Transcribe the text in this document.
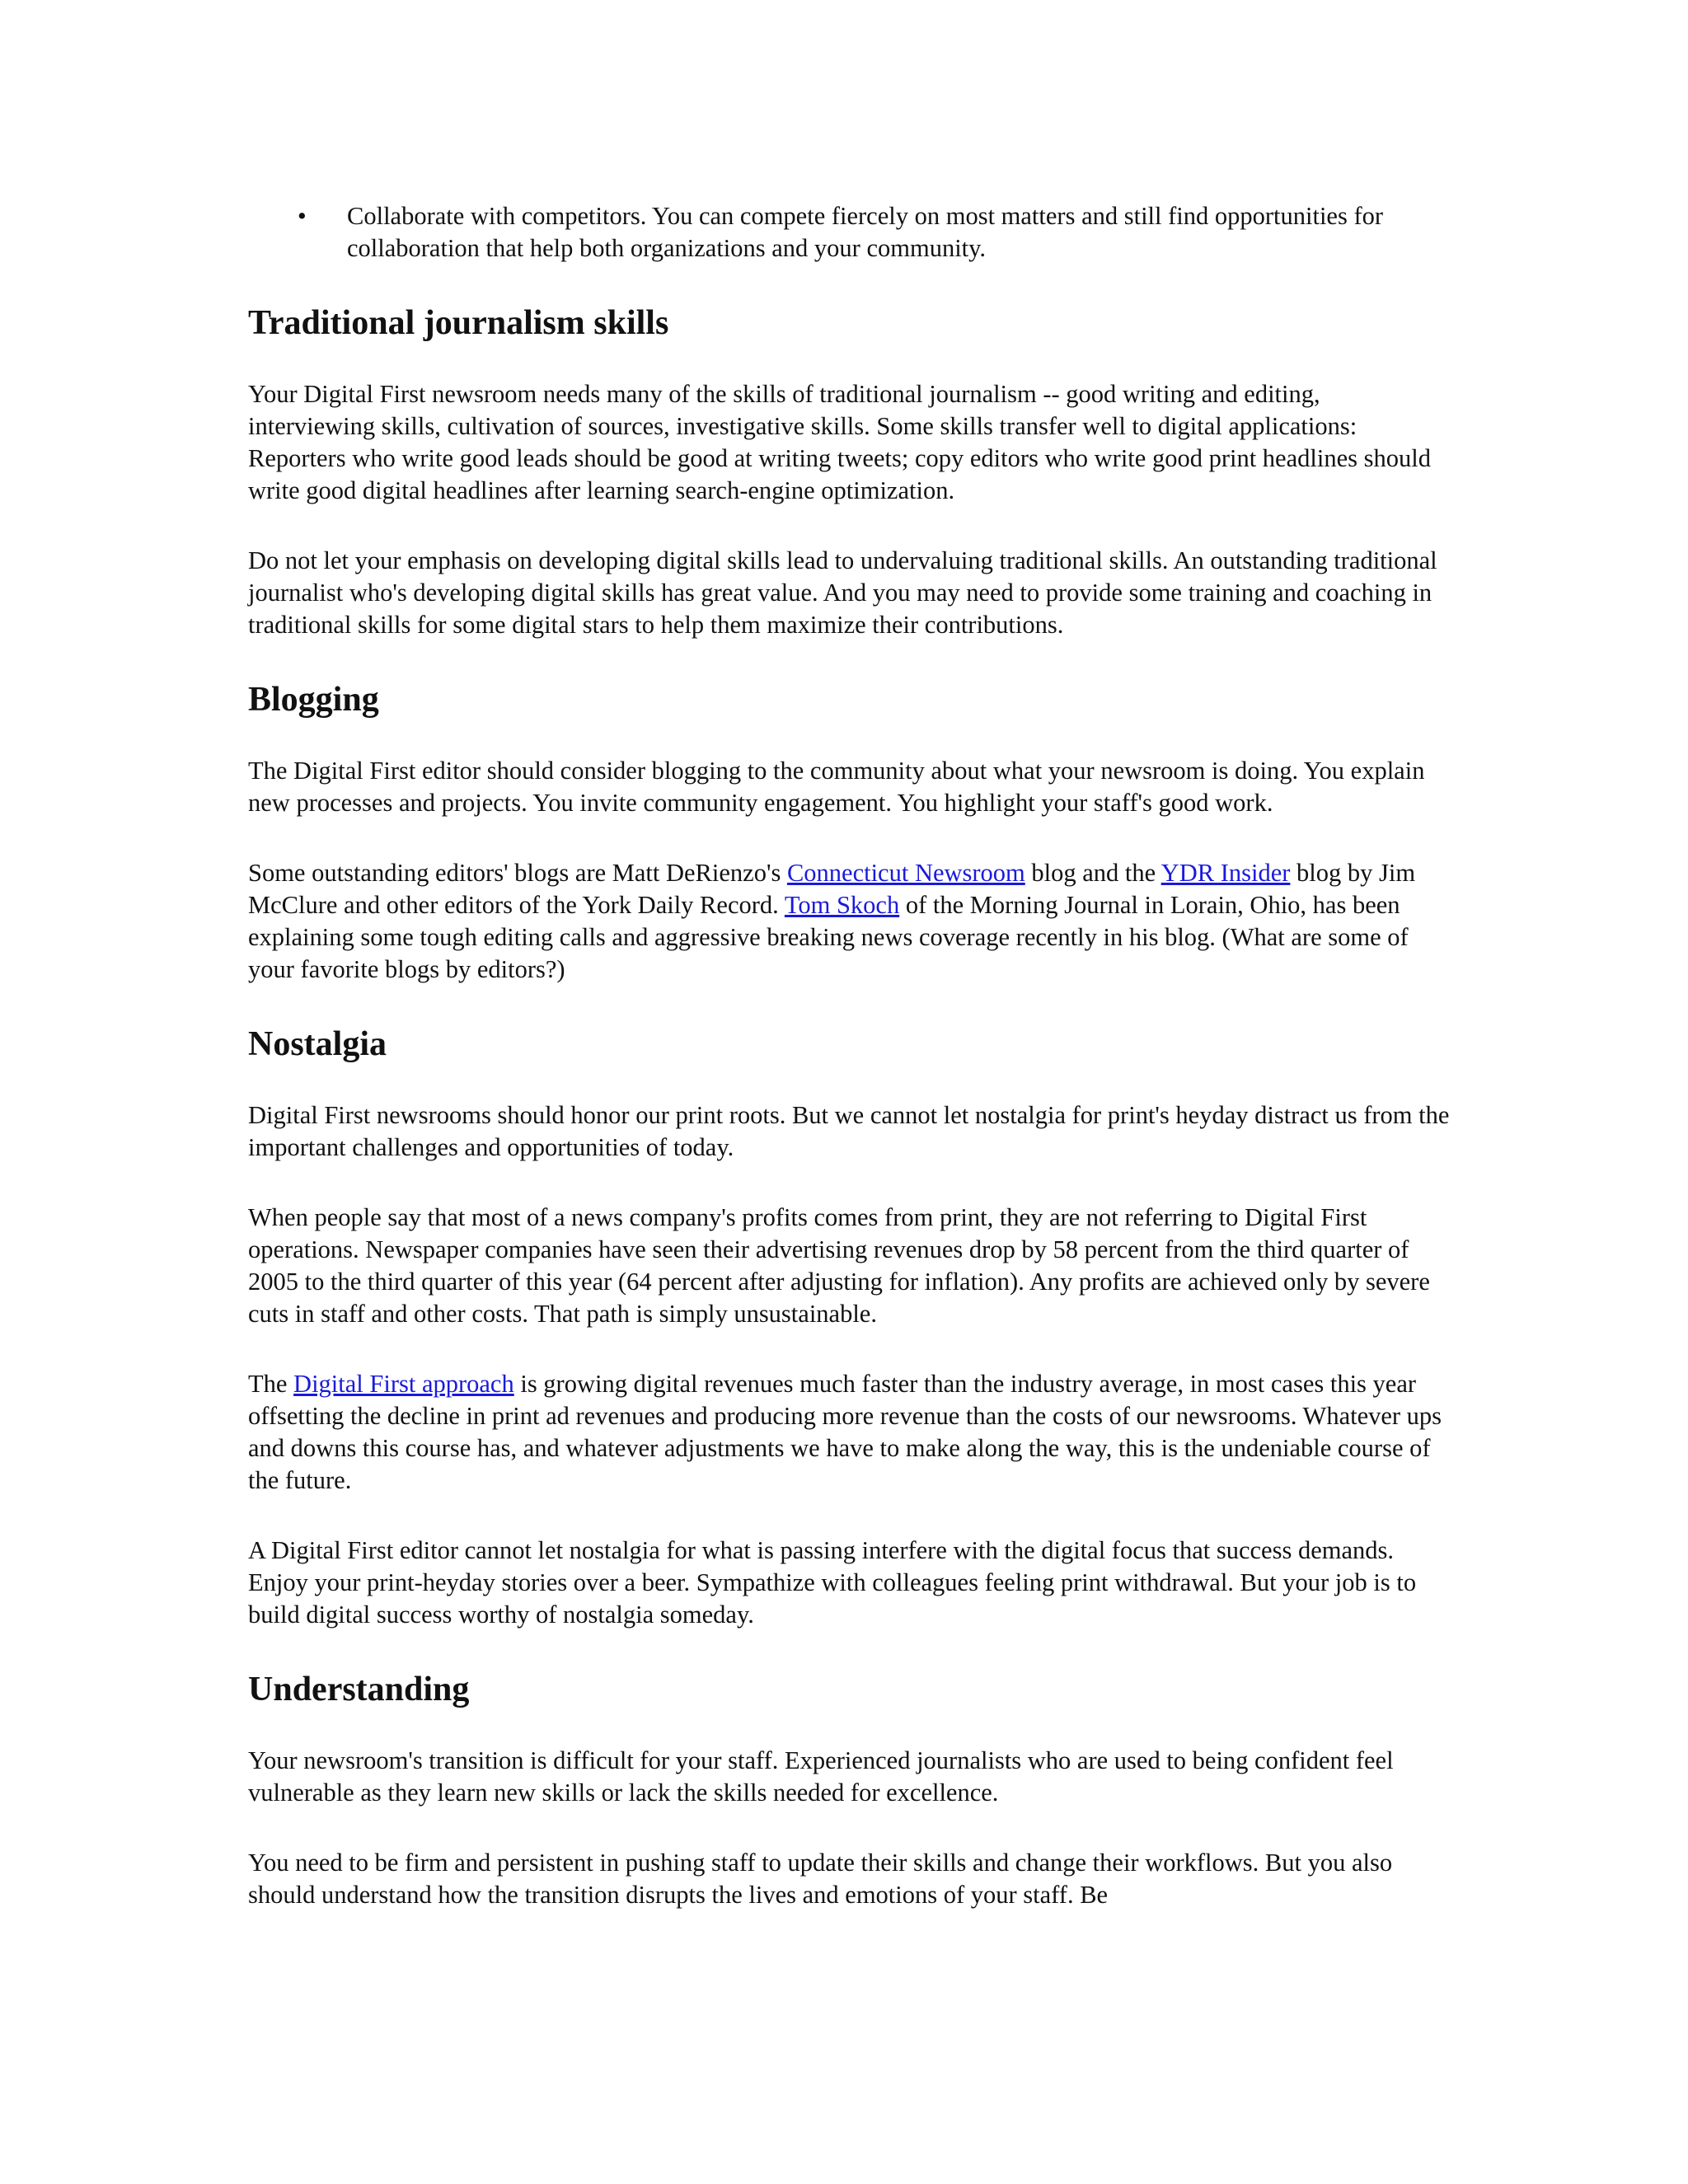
• Collaborate with competitors. You can compete fiercely on most matters and still find opportunities for collaboration that help both organizations and your community.
Traditional journalism skills

Your Digital First newsroom needs many of the skills of traditional journalism -- good writing and editing, interviewing skills, cultivation of sources, investigative skills. Some skills transfer well to digital applications: Reporters who write good leads should be good at writing tweets; copy editors who write good print headlines should write good digital headlines after learning search-engine optimization.

Do not let your emphasis on developing digital skills lead to undervaluing traditional skills. An outstanding traditional journalist who's developing digital skills has great value. And you may need to provide some training and coaching in traditional skills for some digital stars to help them maximize their contributions.

Blogging

The Digital First editor should consider blogging to the community about what your newsroom is doing. You explain new processes and projects. You invite community engagement. You highlight your staff's good work.

Some outstanding editors' blogs are Matt DeRienzo's Connecticut Newsroom blog and the YDR Insider blog by Jim McClure and other editors of the York Daily Record. Tom Skoch of the Morning Journal in Lorain, Ohio, has been explaining some tough editing calls and aggressive breaking news coverage recently in his blog. (What are some of your favorite blogs by editors?)

Nostalgia

Digital First newsrooms should honor our print roots. But we cannot let nostalgia for print's heyday distract us from the important challenges and opportunities of today.

When people say that most of a news company's profits comes from print, they are not referring to Digital First operations. Newspaper companies have seen their advertising revenues drop by 58 percent from the third quarter of 2005 to the third quarter of this year (64 percent after adjusting for inflation). Any profits are achieved only by severe cuts in staff and other costs. That path is simply unsustainable.

The Digital First approach is growing digital revenues much faster than the industry average, in most cases this year offsetting the decline in print ad revenues and producing more revenue than the costs of our newsrooms. Whatever ups and downs this course has, and whatever adjustments we have to make along the way, this is the undeniable course of the future.

A Digital First editor cannot let nostalgia for what is passing interfere with the digital focus that success demands. Enjoy your print-heyday stories over a beer. Sympathize with colleagues feeling print withdrawal. But your job is to build digital success worthy of nostalgia someday.

Understanding

Your newsroom's transition is difficult for your staff. Experienced journalists who are used to being confident feel vulnerable as they learn new skills or lack the skills needed for excellence.

You need to be firm and persistent in pushing staff to update their skills and change their workflows. But you also should understand how the transition disrupts the lives and emotions of your staff. Be
